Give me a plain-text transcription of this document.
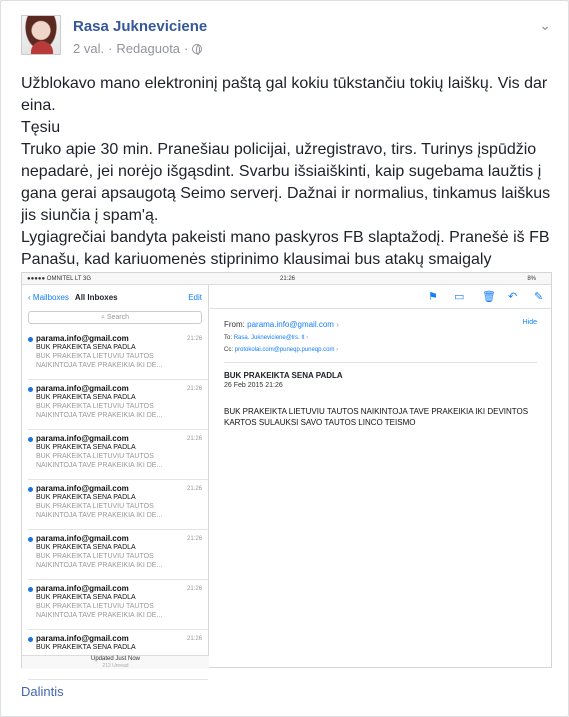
Rasa Jukneviciene
2 val. · Redaguota ·
⌄

Užblokavo mano elektroninį paštą gal kokiu tūkstančiu tokių laiškų. Vis dar eina.

Tęsiu

Truko apie 30 min. Pranešiau policijai, užregistravo, tirs. Turinys įspūdžio nepadarė, jei norėjo išgąsdint. Svarbu išsiaiškinti, kaip sugebama laužtis į gana gerai apsaugotą Seimo serverį. Dažnai ir normalius, tinkamus laiškus jis siunčia į spam'ą.

Lygiagrečiai bandyta pakeisti mano paskyros FB slaptažodį. Pranešė iš FB Panašu, kad kariuomenės stiprinimo klausimai bus atakų smaigaly

●●●●● OMNITEL LT 3G	21:26	8%
‹ Mailboxes All Inboxes	Edit
⌕ Search
parama.info@gmail.com	21:26
BUK PRAKEIKTA SENA PADLA
BUK PRAKEIKTA LIETUVIU TAUTOS
NAIKINTOJA TAVE PRAKEIKIA IKI DE...
parama.info@gmail.com	21:26
BUK PRAKEIKTA SENA PADLA
BUK PRAKEIKTA LIETUVIU TAUTOS
NAIKINTOJA TAVE PRAKEIKIA IKI DE...
parama.info@gmail.com	21:26
BUK PRAKEIKTA SENA PADLA
BUK PRAKEIKTA LIETUVIU TAUTOS
NAIKINTOJA TAVE PRAKEIKIA IKI DE...
parama.info@gmail.com	21:26
BUK PRAKEIKTA SENA PADLA
BUK PRAKEIKTA LIETUVIU TAUTOS
NAIKINTOJA TAVE PRAKEIKIA IKI DE...
parama.info@gmail.com	21:26
BUK PRAKEIKTA SENA PADLA
BUK PRAKEIKTA LIETUVIU TAUTOS
NAIKINTOJA TAVE PRAKEIKIA IKI DE...
parama.info@gmail.com	21:26
BUK PRAKEIKTA SENA PADLA
BUK PRAKEIKTA LIETUVIU TAUTOS
NAIKINTOJA TAVE PRAKEIKIA IKI DE...
parama.info@gmail.com	21:26
BUK PRAKEIKTA SENA PADLA
Updated Just Now
212 Unread
⚑ ▭ 🗑 ↶ ✎
From: parama.info@gmail.com ›	Hide
To: Rasa. Jukneviciene@lrs. lt ›
Cc: protokolai.com@puneqp.puneqp.com ›
BUK PRAKEIKTA SENA PADLA
26 Feb 2015 21:26
BUK PRAKEIKTA LIETUVIU TAUTOS NAIKINTOJA TAVE PRAKEIKIA IKI DEVINTOS KARTOS SULAUKSI SAVO TAUTOS LINCO TEISMO
Dalintis
